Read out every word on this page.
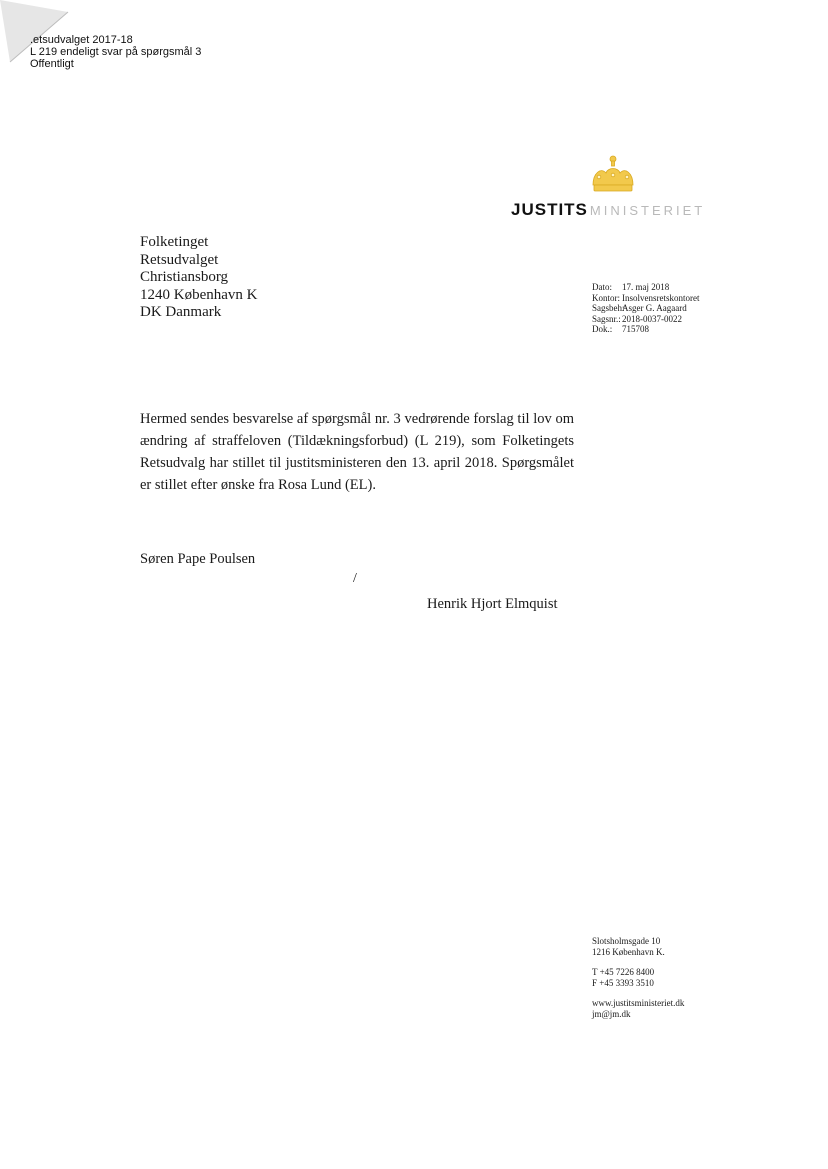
.etsudvalget 2017-18
L 219 endeligt svar på spørgsmål 3
Offentligt
JUSTITS MINISTERIET
Folketinget
Retsudvalget
Christiansborg
1240 København K
DK Danmark
Dato:	17. maj 2018
Kontor: Insolvensretskontoret
Sagsbeh:
Asger G. Aagaard
Sagsnr.: 2018-0037-0022
Dok.:	715708
Hermed sendes besvarelse af spørgsmål nr. 3 vedrørende forslag til lov om ændring af straffeloven (Tildækningsforbud) (L 219), som Folketingets Retsudvalg har stillet til justitsministeren den 13. april 2018. Spørgsmålet er stillet efter ønske fra Rosa Lund (EL).
Søren Pape Poulsen
/
Henrik Hjort Elmquist
Slotsholmsgade 10
1216 København K.
T +45 7226 8400
F +45 3393 3510
www.justitsministeriet.dk
jm@jm.dk
